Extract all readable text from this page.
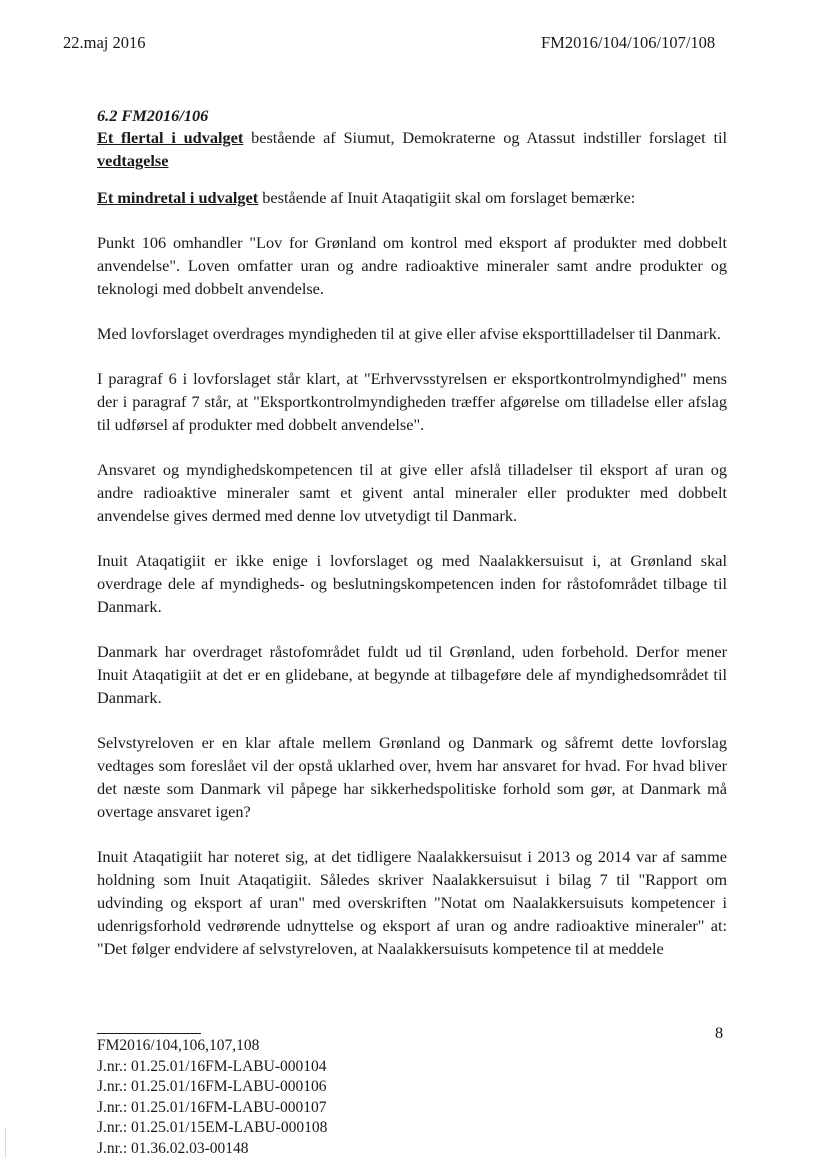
22.maj 2016	FM2016/104/106/107/108
6.2 FM2016/106

Et flertal i udvalget bestående af Siumut, Demokraterne og Atassut indstiller forslaget til vedtagelse

Et mindretal i udvalget bestående af Inuit Ataqatigiit skal om forslaget bemærke:

Punkt 106 omhandler "Lov for Grønland om kontrol med eksport af produkter med dobbelt anvendelse". Loven omfatter uran og andre radioaktive mineraler samt andre produkter og teknologi med dobbelt anvendelse.

Med lovforslaget overdrages myndigheden til at give eller afvise eksporttilladelser til Danmark.

I paragraf 6 i lovforslaget står klart, at "Erhvervsstyrelsen er eksportkontrolmyndighed" mens der i paragraf 7 står, at "Eksportkontrolmyndigheden træffer afgørelse om tilladelse eller afslag til udførsel af produkter med dobbelt anvendelse".

Ansvaret og myndighedskompetencen til at give eller afslå tilladelser til eksport af uran og andre radioaktive mineraler samt et givent antal mineraler eller produkter med dobbelt anvendelse gives dermed med denne lov utvetydigt til Danmark.

Inuit Ataqatigiit er ikke enige i lovforslaget og med Naalakkersuisut i, at Grønland skal overdrage dele af myndigheds- og beslutningskompetencen inden for råstofområdet tilbage til Danmark.

Danmark har overdraget råstofområdet fuldt ud til Grønland, uden forbehold. Derfor mener Inuit Ataqatigiit at det er en glidebane, at begynde at tilbageføre dele af myndighedsområdet til Danmark.

Selvstyreloven er en klar aftale mellem Grønland og Danmark og såfremt dette lovforslag vedtages som foreslået vil der opstå uklarhed over, hvem har ansvaret for hvad. For hvad bliver det næste som Danmark vil påpege har sikkerhedspolitiske forhold som gør, at Danmark må overtage ansvaret igen?

Inuit Ataqatigiit har noteret sig, at det tidligere Naalakkersuisut i 2013 og 2014 var af samme holdning som Inuit Ataqatigiit. Således skriver Naalakkersuisut i bilag 7 til "Rapport om udvinding og eksport af uran" med overskriften "Notat om Naalakkersuisuts kompetencer i udenrigsforhold vedrørende udnyttelse og eksport af uran og andre radioaktive mineraler" at: "Det følger endvidere af selvstyreloven, at Naalakkersuisuts kompetence til at meddele

8
FM2016/104,106,107,108
J.nr.: 01.25.01/16FM-LABU-000104
J.nr.: 01.25.01/16FM-LABU-000106
J.nr.: 01.25.01/16FM-LABU-000107
J.nr.: 01.25.01/15EM-LABU-000108
J.nr.: 01.36.02.03-00148
